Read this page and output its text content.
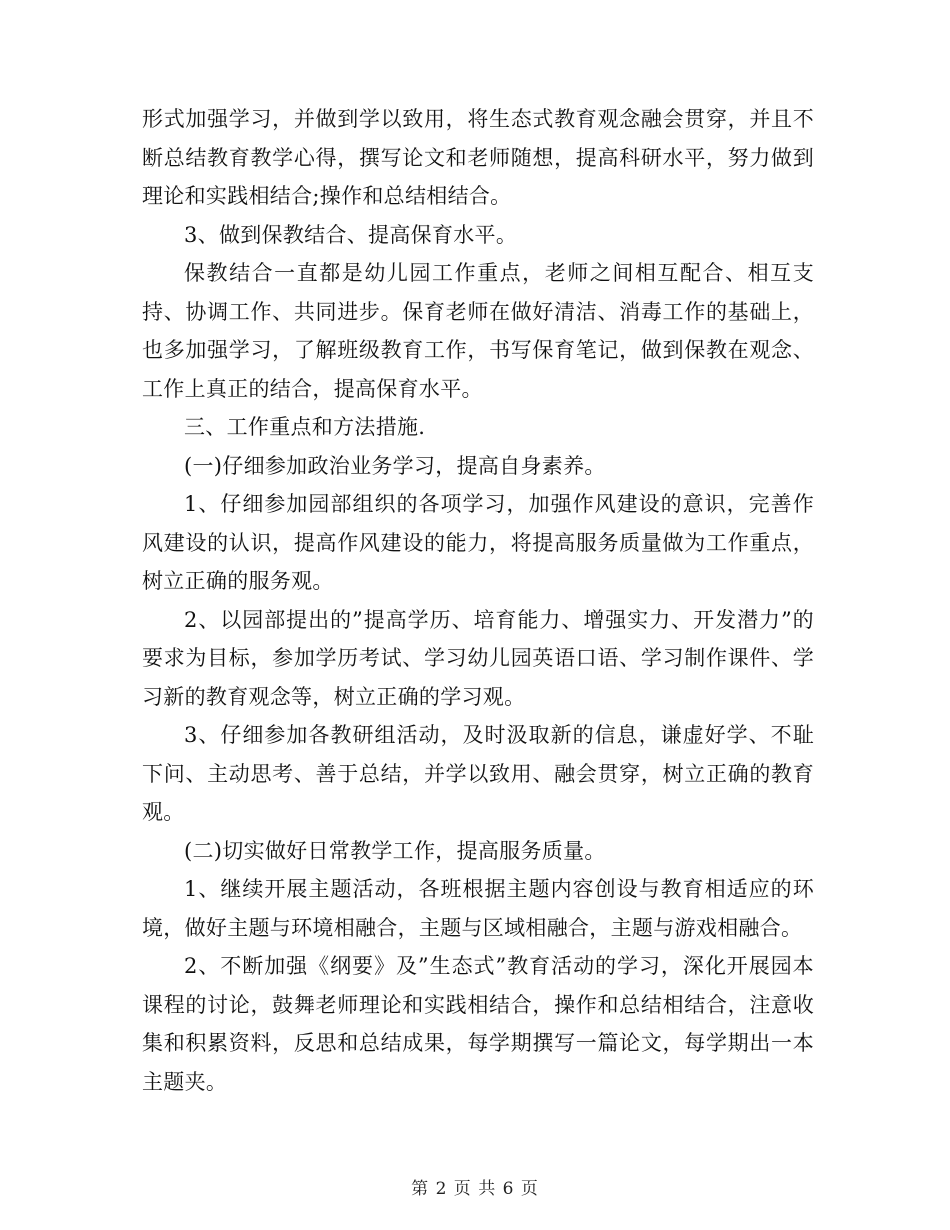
形式加强学习，并做到学以致用，将生态式教育观念融会贯穿，并且不断总结教育教学心得，撰写论文和老师随想，提高科研水平，努力做到理论和实践相结合;操作和总结相结合。

3、做到保教结合、提高保育水平。

保教结合一直都是幼儿园工作重点，老师之间相互配合、相互支持、协调工作、共同进步。保育老师在做好清洁、消毒工作的基础上，也多加强学习，了解班级教育工作，书写保育笔记，做到保教在观念、工作上真正的结合，提高保育水平。

三、工作重点和方法措施.

(一)仔细参加政治业务学习，提高自身素养。

1、仔细参加园部组织的各项学习，加强作风建设的意识，完善作风建设的认识，提高作风建设的能力，将提高服务质量做为工作重点，树立正确的服务观。

2、以园部提出的”提高学历、培育能力、增强实力、开发潜力”的要求为目标，参加学历考试、学习幼儿园英语口语、学习制作课件、学习新的教育观念等，树立正确的学习观。

3、仔细参加各教研组活动，及时汲取新的信息，谦虚好学、不耻下问、主动思考、善于总结，并学以致用、融会贯穿，树立正确的教育观。

(二)切实做好日常教学工作，提高服务质量。

1、继续开展主题活动，各班根据主题内容创设与教育相适应的环境，做好主题与环境相融合，主题与区域相融合，主题与游戏相融合。

2、不断加强《纲要》及”生态式”教育活动的学习，深化开展园本课程的讨论，鼓舞老师理论和实践相结合，操作和总结相结合，注意收集和积累资料，反思和总结成果，每学期撰写一篇论文，每学期出一本主题夹。

第 2 页 共 6 页
